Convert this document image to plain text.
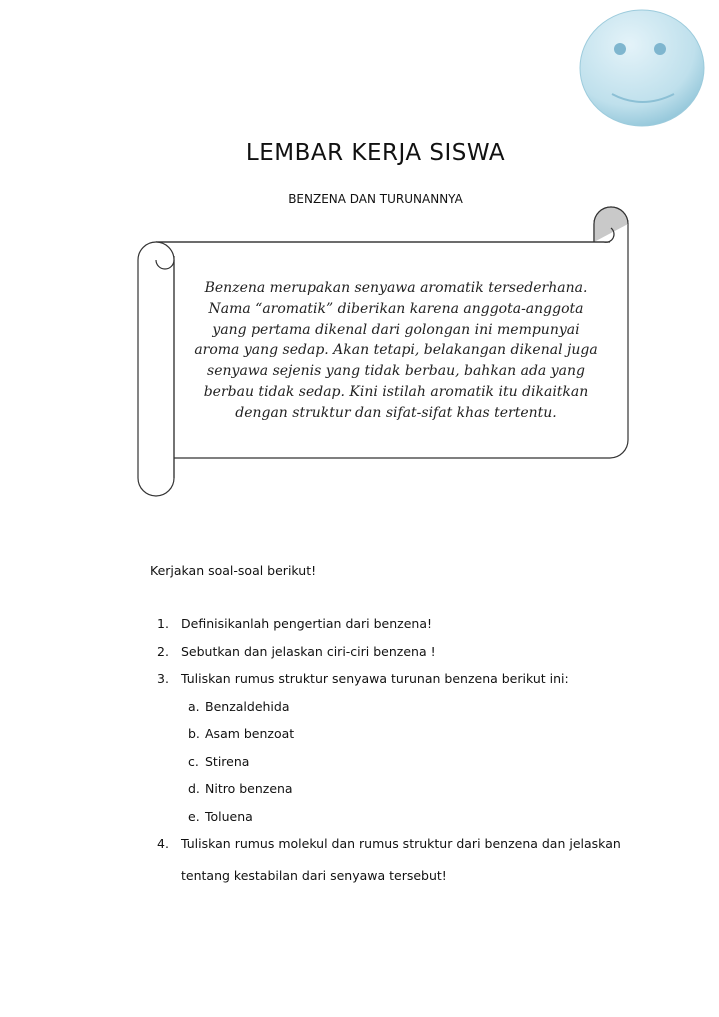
LEMBAR KERJA SISWA
BENZENA DAN TURUNANNYA
Benzena merupakan senyawa aromatik tersederhana.
Nama “aromatik” diberikan karena anggota-anggota
yang pertama dikenal dari golongan ini mempunyai
aroma yang sedap. Akan tetapi, belakangan dikenal juga
senyawa sejenis yang tidak berbau, bahkan ada yang
berbau tidak sedap. Kini istilah aromatik itu dikaitkan
dengan struktur dan sifat-sifat khas tertentu.
Kerjakan soal-soal berikut!
1. Definisikanlah pengertian dari benzena!
2. Sebutkan dan jelaskan ciri-ciri benzena !
3. Tuliskan rumus struktur senyawa turunan benzena berikut ini:
a. Benzaldehida
b. Asam benzoat
c. Stirena
d. Nitro benzena
e. Toluena
4. Tuliskan rumus molekul dan rumus struktur dari benzena dan jelaskan
tentang kestabilan dari senyawa tersebut!
